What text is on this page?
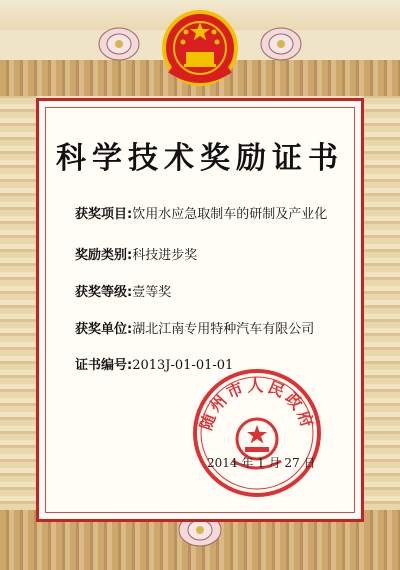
科学技术奖励证书
获奖项目:饮用水应急取制车的研制及产业化
奖励类别:科技进步奖
获奖等级:壹等奖
获奖单位:湖北江南专用特种汽车有限公司
证书编号:2013J-01-01-01
随州市人民政府
2014 年 1 月 27 日
